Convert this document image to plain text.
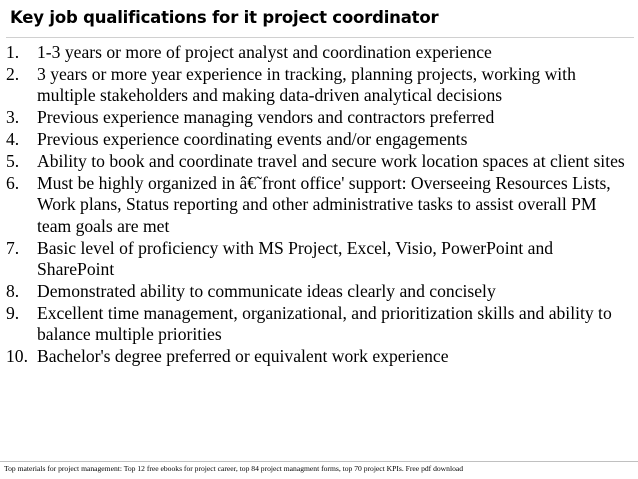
Key job qualifications for it project coordinator
1. 1-3 years or more of project analyst and coordination experience
2. 3 years or more year experience in tracking, planning projects, working with multiple stakeholders and making data-driven analytical decisions
3. Previous experience managing vendors and contractors preferred
4. Previous experience coordinating events and/or engagements
5. Ability to book and coordinate travel and secure work location spaces at client sites
6. Must be highly organized in â€˜front office' support: Overseeing Resources Lists, Work plans, Status reporting and other administrative tasks to assist overall PM team goals are met
7. Basic level of proficiency with MS Project, Excel, Visio, PowerPoint and SharePoint
8. Demonstrated ability to communicate ideas clearly and concisely
9. Excellent time management, organizational, and prioritization skills and ability to balance multiple priorities
10. Bachelor's degree preferred or equivalent work experience
Top materials for project management: Top 12 free ebooks for project career, top 84 project managment forms, top 70 project KPIs. Free pdf download
